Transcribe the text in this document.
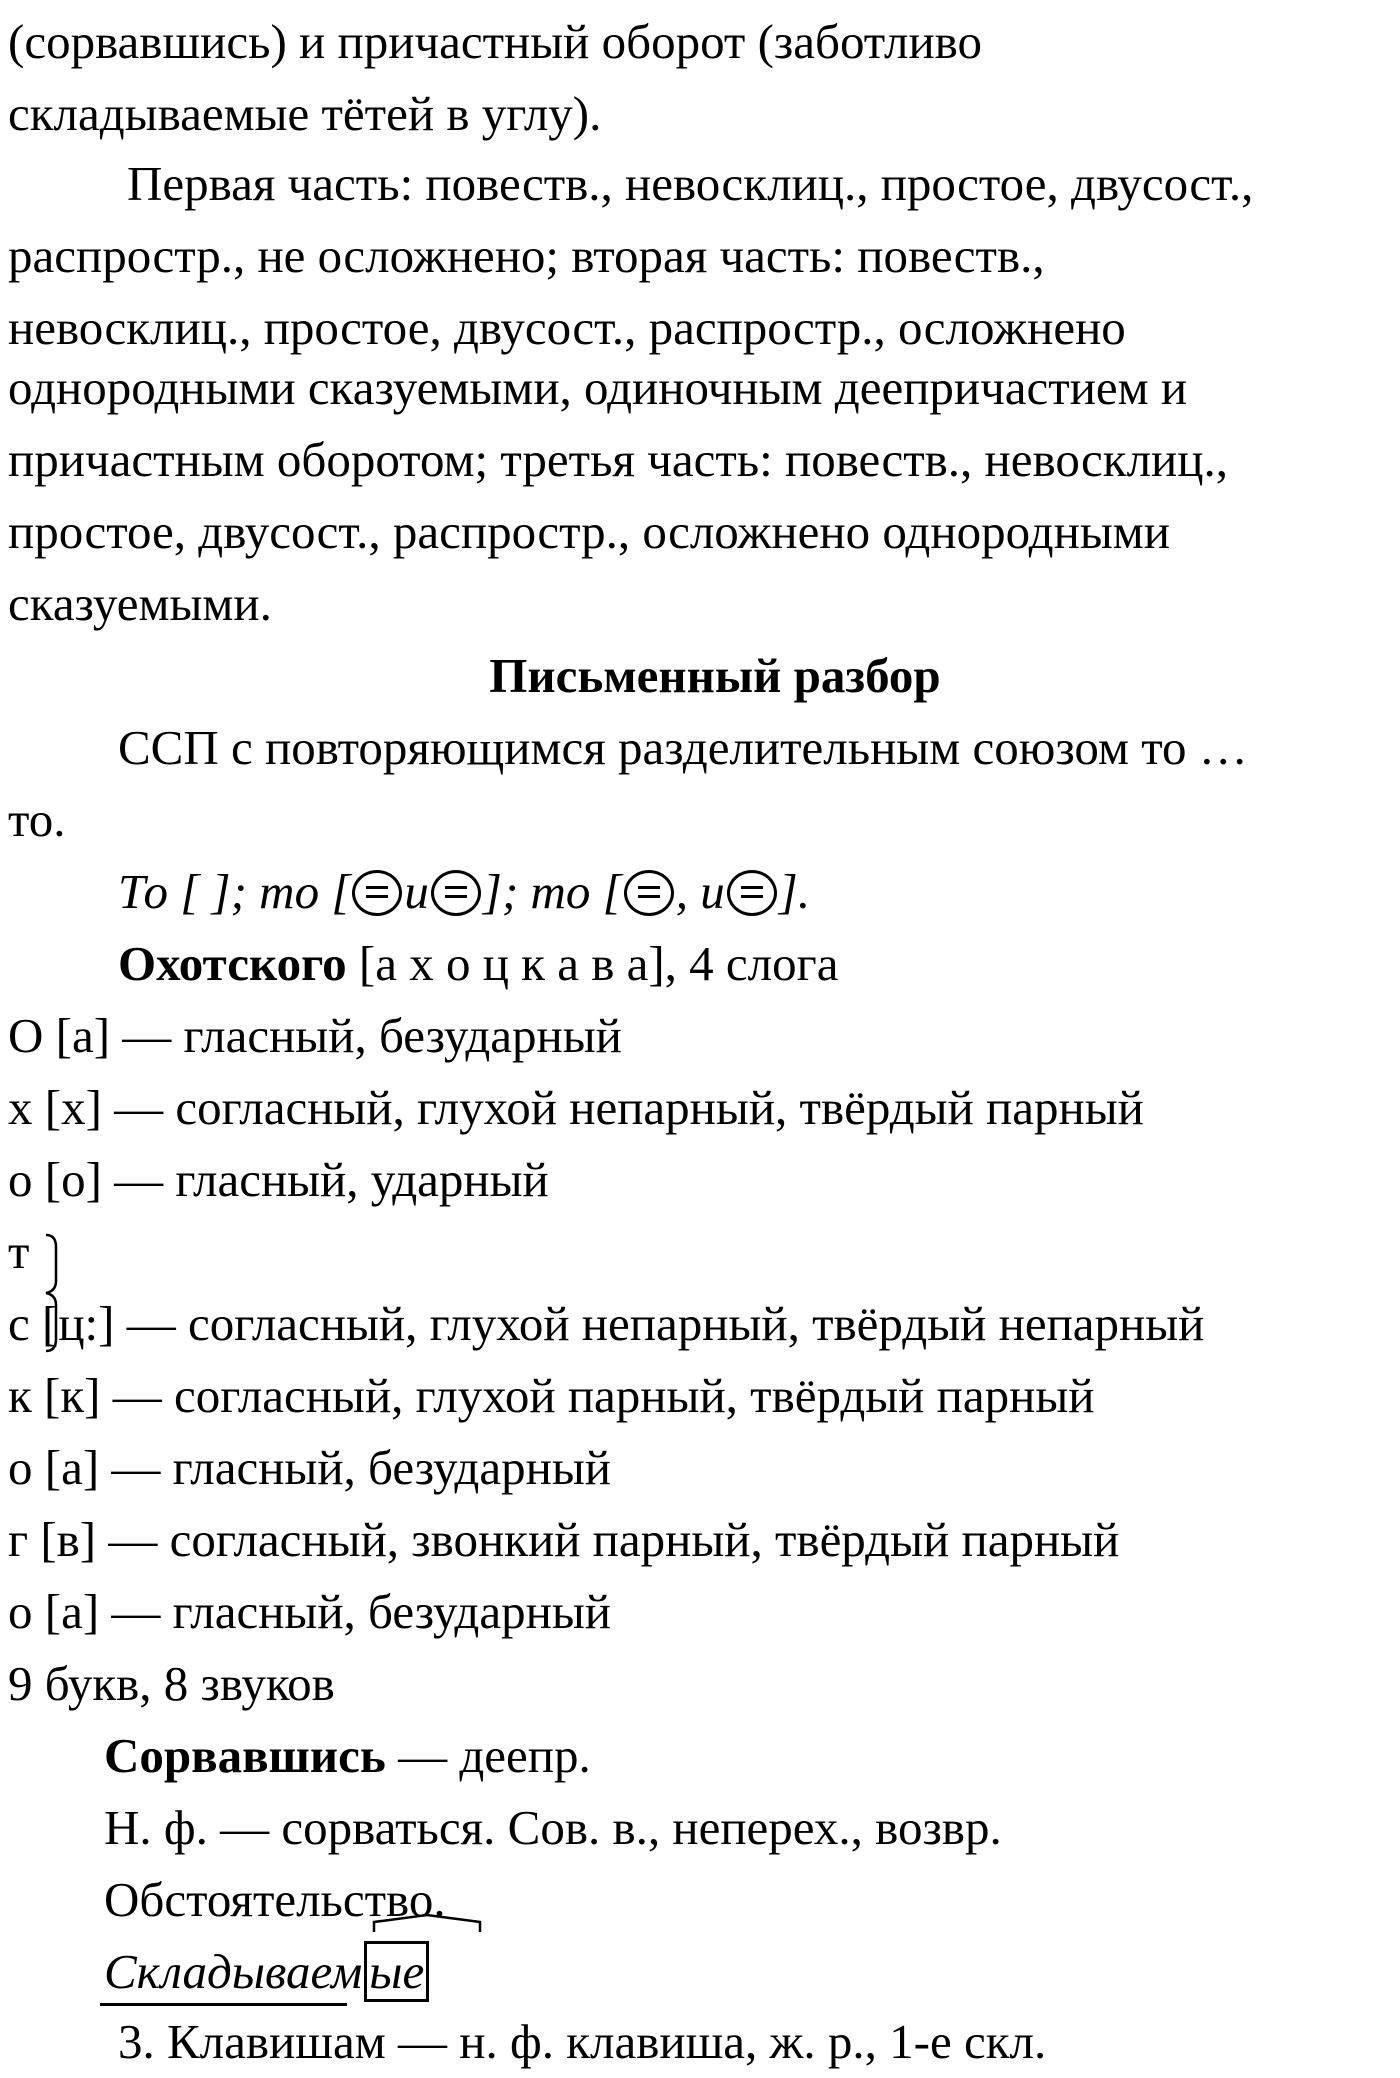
(сорвавшись) и причастный оборот (заботливо
складываемые тётей в углу).
Первая часть: повеств., невосклиц., простое, двусост.,
распростр., не осложнено; вторая часть: повеств.,
невосклиц., простое, двусост., распростр., осложнено
однородными сказуемыми, одиночным деепричастием и
причастным оборотом; третья часть: повеств., невосклиц.,
простое, двусост., распростр., осложнено однородными
сказуемыми.
Письменный разбор
ССП с повторяющимся разделительным союзом то …
то.
То [ ]; то [ и ]; то [ , и ].
Охотского [а х о ц к а в а], 4 слога
О [а] — гласный, безударный
х [х] — согласный, глухой непарный, твёрдый парный
о [о] — гласный, ударный
т
с [ц:] — согласный, глухой непарный, твёрдый непарный
к [к] — согласный, глухой парный, твёрдый парный
о [а] — гласный, безударный
г [в] — согласный, звонкий парный, твёрдый парный
о [а] — гласный, безударный
9 букв, 8 звуков
Сорвавшись — деепр.
Н. ф. — сорваться. Сов. в., неперех., возвр.
Обстоятельство.
Складываем ые
3. Клавишам — н. ф. клавиша, ж. р., 1-е скл.
